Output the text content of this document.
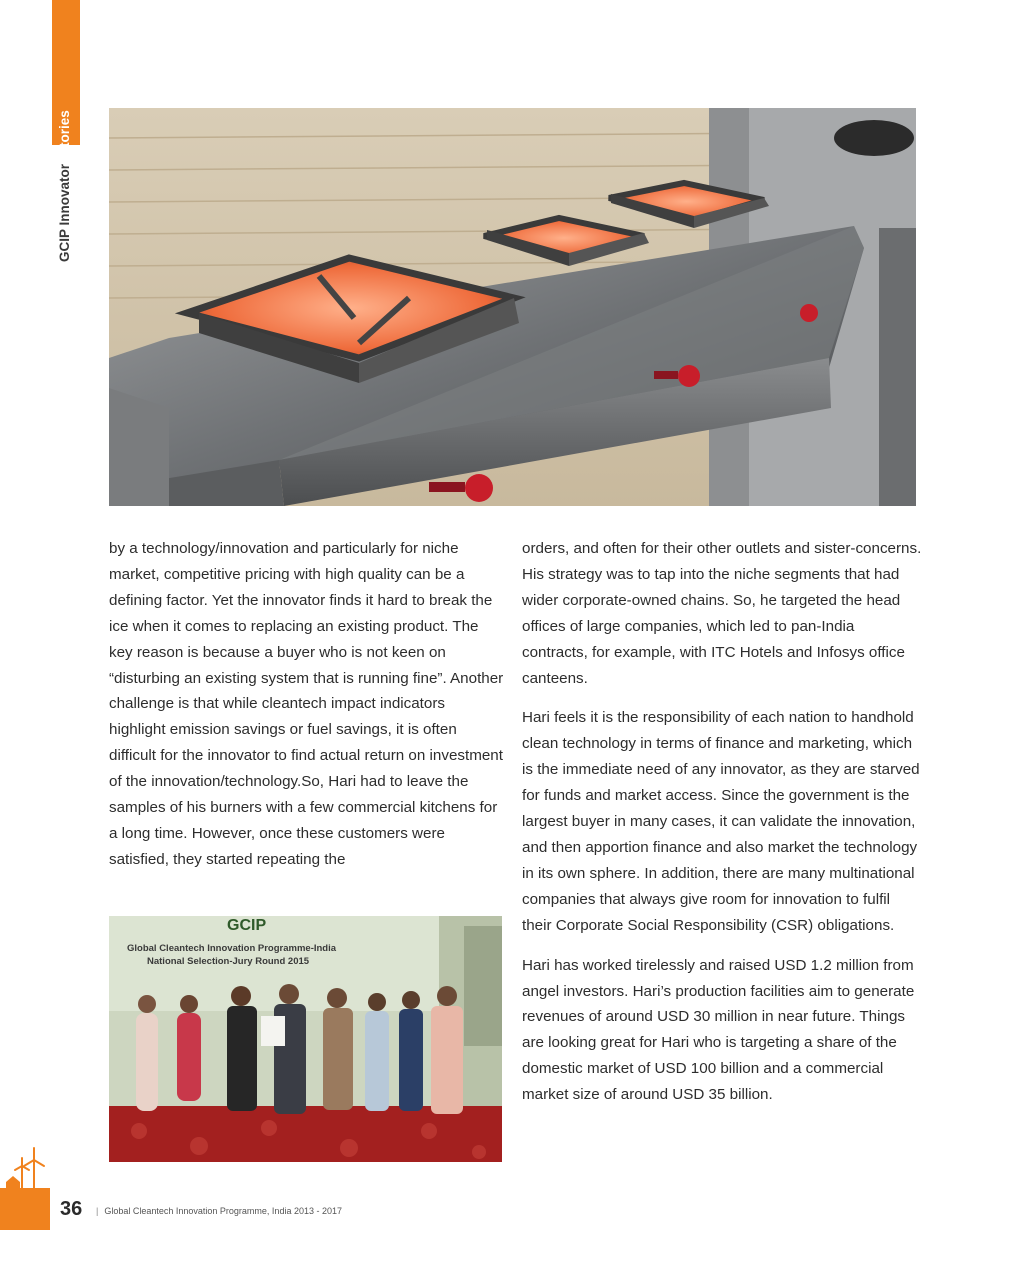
GCIP InnovatorStories

by a technology/innovation and particularly for niche market, competitive pricing with high quality can be a defining factor. Yet the innovator finds it hard to break the ice when it comes to replacing an existing product. The key reason is because a buyer who is not keen on “disturbing an existing system that is running fine”. Another challenge is that while cleantech impact indicators highlight emission savings or fuel savings, it is often difficult for the innovator to find actual return on investment of the innovation/technology.So, Hari had to leave the samples of his burners with a few commercial kitchens for a long time. However, once these customers were satisfied, they started repeating the

GCIP
Global Cleantech Innovation Programme-India
National Selection-Jury Round 2015

orders, and often for their other outlets and sister-concerns. His strategy was to tap into the niche segments that had wider corporate-owned chains. So, he targeted the head offices of large companies, which led to pan-India contracts, for example, with ITC Hotels and Infosys office canteens.

Hari feels it is the responsibility of each nation to handhold clean technology in terms of finance and marketing, which is the immediate need of any innovator, as they are starved for funds and market access. Since the government is the largest buyer in many cases, it can validate the innovation, and then apportion finance and also market the technology in its own sphere. In addition, there are many multinational companies that always give room for innovation to fulfil their Corporate Social Responsibility (CSR) obligations.

Hari has worked tirelessly and raised USD 1.2 million from angel investors. Hari’s production facilities aim to generate revenues of around USD 30 million in near future. Things are looking great for Hari who is targeting a share of the domestic market of USD 100 billion and a commercial market size of around USD 35 billion.

36 | Global Cleantech Innovation Programme, India 2013 - 2017
